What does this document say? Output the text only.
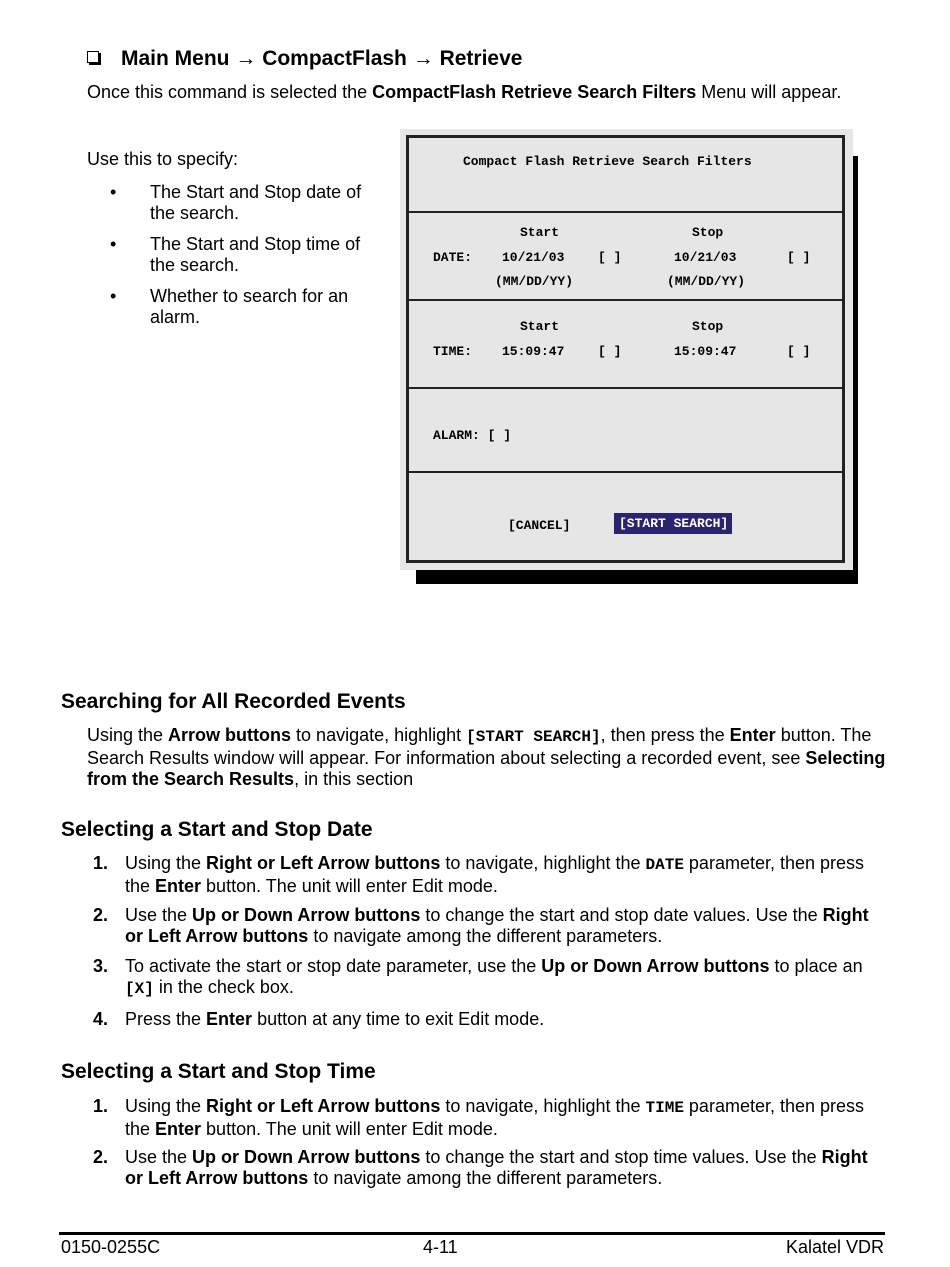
Main Menu → CompactFlash → Retrieve
Once this command is selected the CompactFlash Retrieve Search Filters Menu will appear.
Use this to specify:
• The Start and Stop date of the search.
• The Start and Stop time of the search.
• Whether to search for an alarm.
Compact Flash Retrieve Search Filters
Start	Stop
DATE: 10/21/03	[ ]	10/21/03	[ ]
(MM/DD/YY)	(MM/DD/YY)
Start	Stop
TIME: 15:09:47	[ ]	15:09:47	[ ]
ALARM: [ ]
[CANCEL]	[START SEARCH]
Searching for All Recorded Events
Using the Arrow buttons to navigate, highlight [START SEARCH], then press the Enter button. The Search Results window will appear. For information about selecting a recorded event, see Selecting from the Search Results, in this section
Selecting a Start and Stop Date
1. Using the Right or Left Arrow buttons to navigate, highlight the DATE parameter, then press the Enter button. The unit will enter Edit mode.
2. Use the Up or Down Arrow buttons to change the start and stop date values. Use the Right or Left Arrow buttons to navigate among the different parameters.
3. To activate the start or stop date parameter, use the Up or Down Arrow buttons to place an [X] in the check box.
4. Press the Enter button at any time to exit Edit mode.
Selecting a Start and Stop Time
1. Using the Right or Left Arrow buttons to navigate, highlight the TIME parameter, then press the Enter button. The unit will enter Edit mode.
2. Use the Up or Down Arrow buttons to change the start and stop time values. Use the Right or Left Arrow buttons to navigate among the different parameters.
0150-0255C	4-11	Kalatel VDR
